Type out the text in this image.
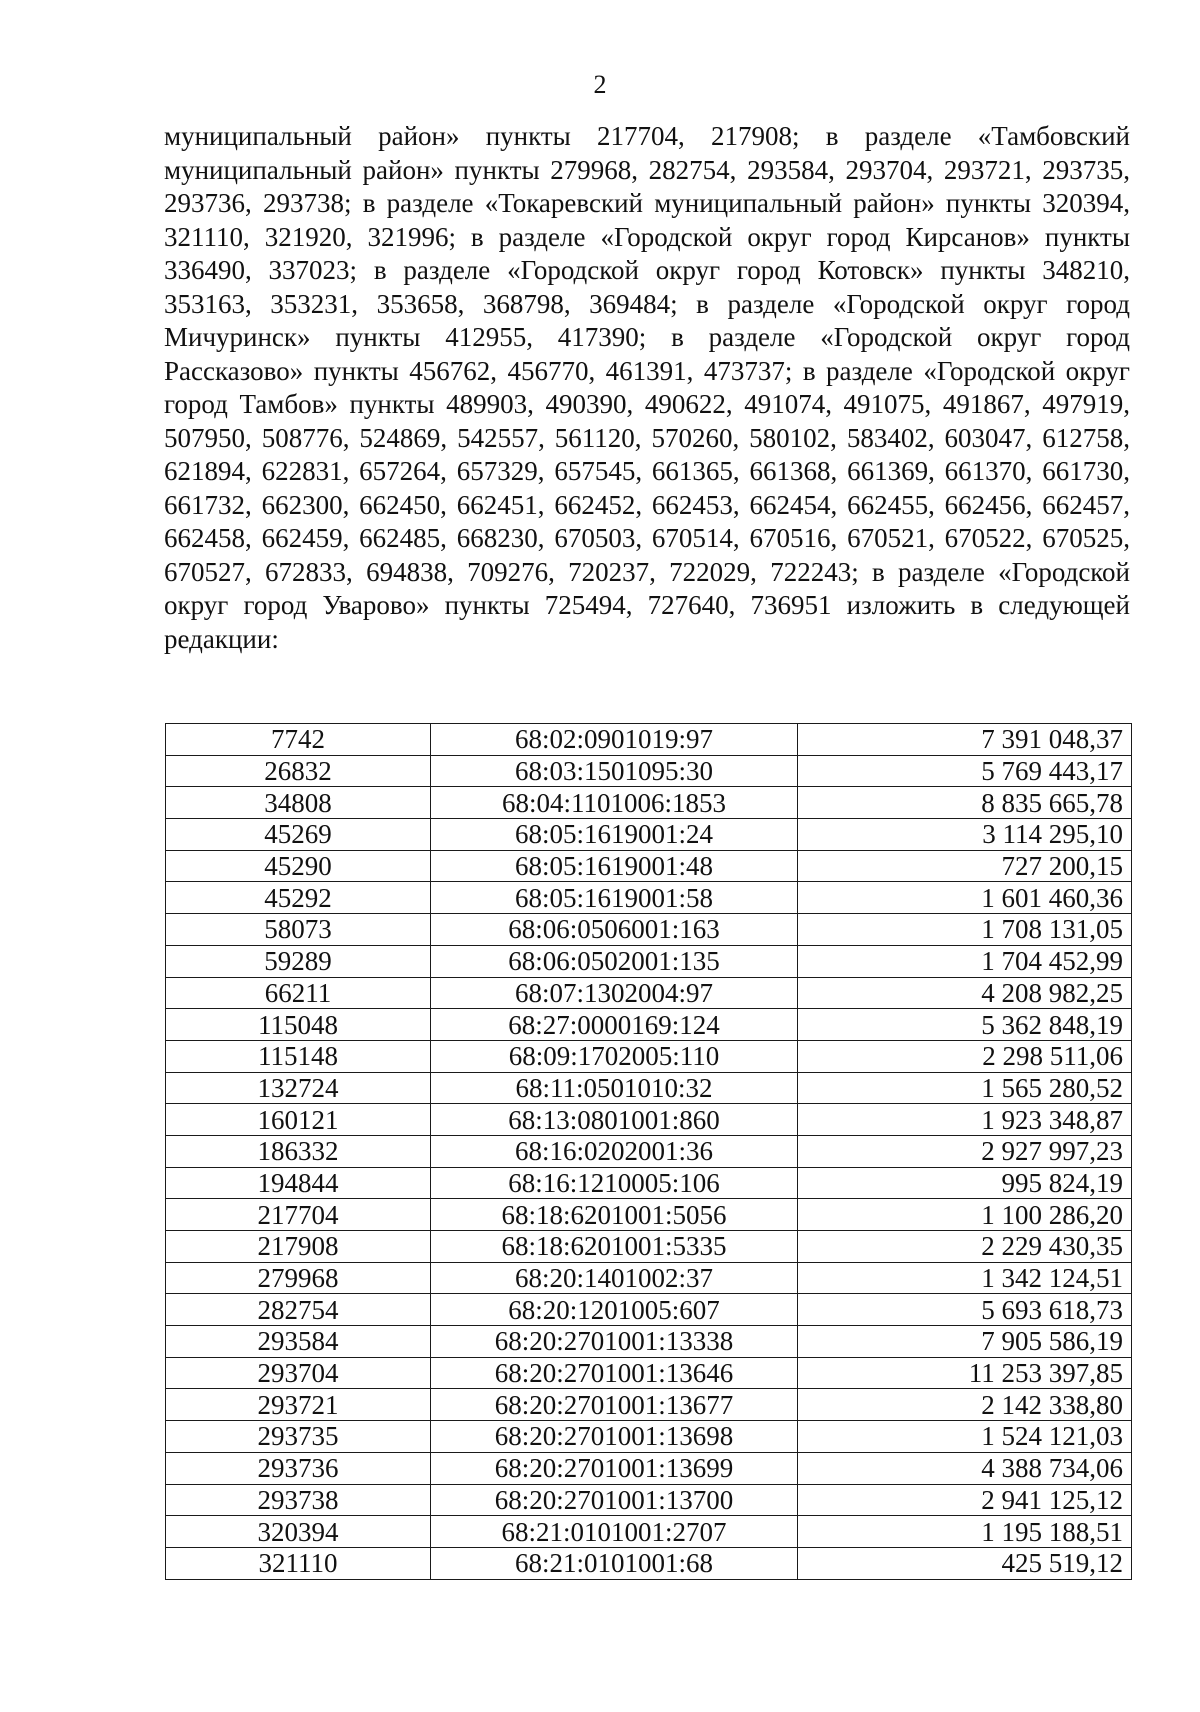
2
муниципальный район» пункты 217704, 217908; в разделе «Тамбовский муниципальный район» пункты 279968, 282754, 293584, 293704, 293721, 293735, 293736, 293738; в разделе «Токаревский муниципальный район» пункты 320394, 321110, 321920, 321996; в разделе «Городской округ город Кирсанов» пункты 336490, 337023; в разделе «Городской округ город Котовск» пункты 348210, 353163, 353231, 353658, 368798, 369484; в разделе «Городской округ город Мичуринск» пункты 412955, 417390; в разделе «Городской округ город Рассказово» пункты 456762, 456770, 461391, 473737; в разделе «Городской округ город Тамбов» пункты 489903, 490390, 490622, 491074, 491075, 491867, 497919, 507950, 508776, 524869, 542557, 561120, 570260, 580102, 583402, 603047, 612758, 621894, 622831, 657264, 657329, 657545, 661365, 661368, 661369, 661370, 661730, 661732, 662300, 662450, 662451, 662452, 662453, 662454, 662455, 662456, 662457, 662458, 662459, 662485, 668230, 670503, 670514, 670516, 670521, 670522, 670525, 670527, 672833, 694838, 709276, 720237, 722029, 722243; в разделе «Городской округ город Уварово» пункты 725494, 727640, 736951 изложить в следующей редакции:
7742	68:02:0901019:97	7 391 048,37
26832	68:03:1501095:30	5 769 443,17
34808	68:04:1101006:1853	8 835 665,78
45269	68:05:1619001:24	3 114 295,10
45290	68:05:1619001:48	727 200,15
45292	68:05:1619001:58	1 601 460,36
58073	68:06:0506001:163	1 708 131,05
59289	68:06:0502001:135	1 704 452,99
66211	68:07:1302004:97	4 208 982,25
115048	68:27:0000169:124	5 362 848,19
115148	68:09:1702005:110	2 298 511,06
132724	68:11:0501010:32	1 565 280,52
160121	68:13:0801001:860	1 923 348,87
186332	68:16:0202001:36	2 927 997,23
194844	68:16:1210005:106	995 824,19
217704	68:18:6201001:5056	1 100 286,20
217908	68:18:6201001:5335	2 229 430,35
279968	68:20:1401002:37	1 342 124,51
282754	68:20:1201005:607	5 693 618,73
293584	68:20:2701001:13338	7 905 586,19
293704	68:20:2701001:13646	11 253 397,85
293721	68:20:2701001:13677	2 142 338,80
293735	68:20:2701001:13698	1 524 121,03
293736	68:20:2701001:13699	4 388 734,06
293738	68:20:2701001:13700	2 941 125,12
320394	68:21:0101001:2707	1 195 188,51
321110	68:21:0101001:68	425 519,12
